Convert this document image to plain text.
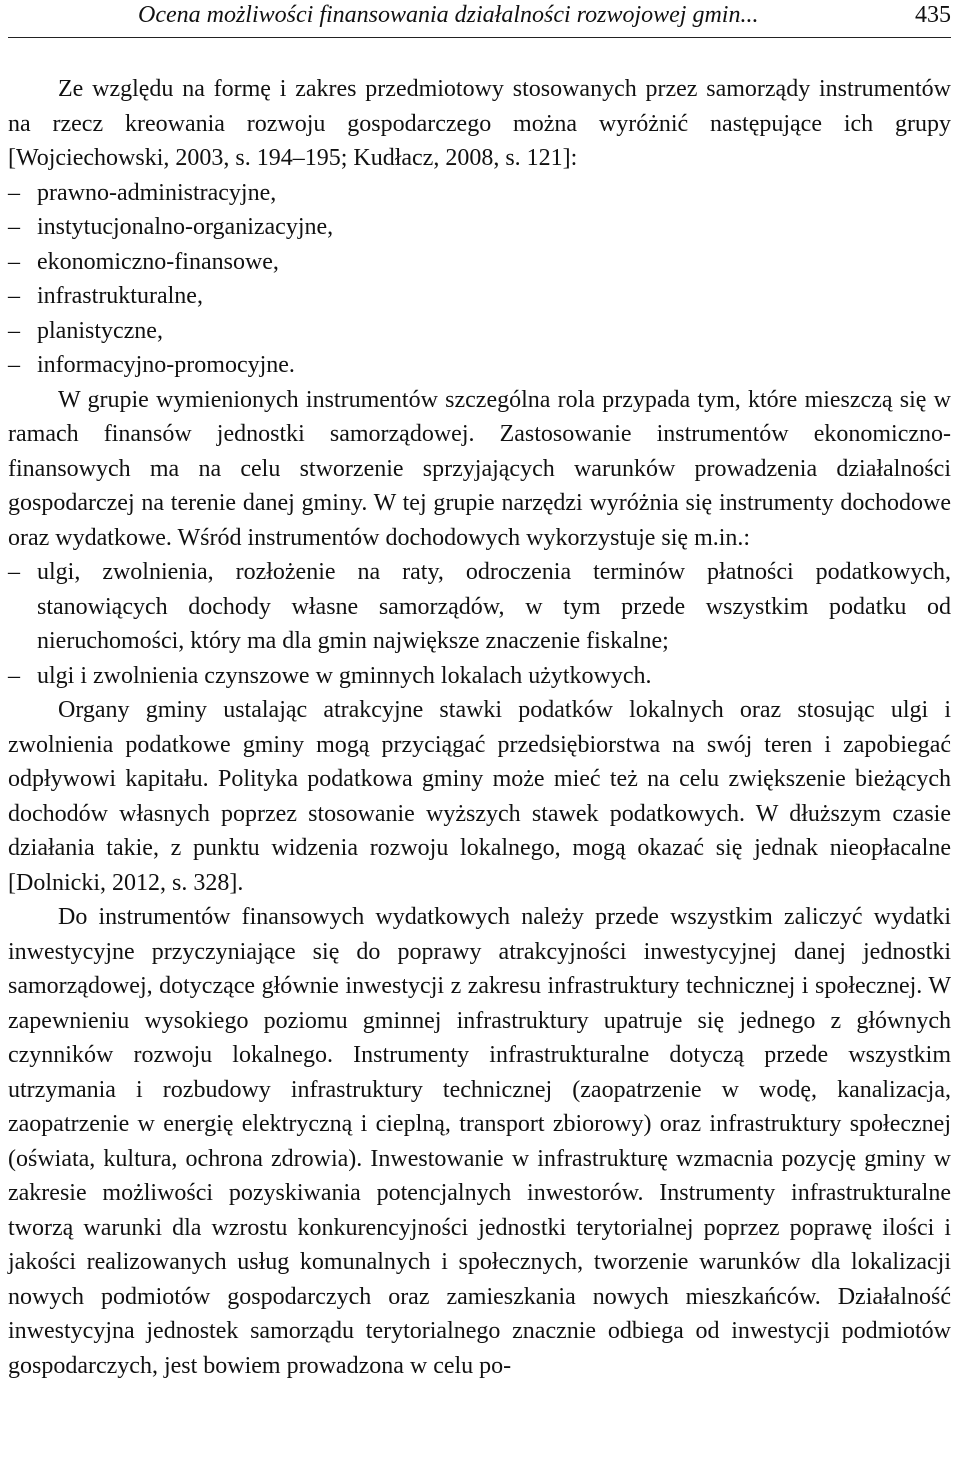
Ocena możliwości finansowania działalności rozwojowej gmin...	435

Ze względu na formę i zakres przedmiotowy stosowanych przez samorządy instrumentów na rzecz kreowania rozwoju gospodarczego można wyróżnić następujące ich grupy [Wojciechowski, 2003, s. 194–195; Kudłacz, 2008, s. 121]:

– prawno-administracyjne,
– instytucjonalno-organizacyjne,
– ekonomiczno-finansowe,
– infrastrukturalne,
– planistyczne,
– informacyjno-promocyjne.

W grupie wymienionych instrumentów szczególna rola przypada tym, które mieszczą się w ramach finansów jednostki samorządowej. Zastosowanie instrumentów ekonomiczno-finansowych ma na celu stworzenie sprzyjających warunków prowadzenia działalności gospodarczej na terenie danej gminy. W tej grupie narzędzi wyróżnia się instrumenty dochodowe oraz wydatkowe. Wśród instrumentów dochodowych wykorzystuje się m.in.:

– ulgi, zwolnienia, rozłożenie na raty, odroczenia terminów płatności podatkowych, stanowiących dochody własne samorządów, w tym przede wszystkim podatku od nieruchomości, który ma dla gmin największe znaczenie fiskalne;
– ulgi i zwolnienia czynszowe w gminnych lokalach użytkowych.

Organy gminy ustalając atrakcyjne stawki podatków lokalnych oraz stosując ulgi i zwolnienia podatkowe gminy mogą przyciągać przedsiębiorstwa na swój teren i zapobiegać odpływowi kapitału. Polityka podatkowa gminy może mieć też na celu zwiększenie bieżących dochodów własnych poprzez stosowanie wyższych stawek podatkowych. W dłuższym czasie działania takie, z punktu widzenia rozwoju lokalnego, mogą okazać się jednak nieopłacalne [Dolnicki, 2012, s. 328].

Do instrumentów finansowych wydatkowych należy przede wszystkim zaliczyć wydatki inwestycyjne przyczyniające się do poprawy atrakcyjności inwestycyjnej danej jednostki samorządowej, dotyczące głównie inwestycji z zakresu infrastruktury technicznej i społecznej. W zapewnieniu wysokiego poziomu gminnej infrastruktury upatruje się jednego z głównych czynników rozwoju lokalnego. Instrumenty infrastrukturalne dotyczą przede wszystkim utrzymania i rozbudowy infrastruktury technicznej (zaopatrzenie w wodę, kanalizacja, zaopatrzenie w energię elektryczną i cieplną, transport zbiorowy) oraz infrastruktury społecznej (oświata, kultura, ochrona zdrowia). Inwestowanie w infrastrukturę wzmacnia pozycję gminy w zakresie możliwości pozyskiwania potencjalnych inwestorów. Instrumenty infrastrukturalne tworzą warunki dla wzrostu konkurencyjności jednostki terytorialnej poprzez poprawę ilości i jakości realizowanych usług komunalnych i społecznych, tworzenie warunków dla lokalizacji nowych podmiotów gospodarczych oraz zamieszkania nowych mieszkańców. Działalność inwestycyjna jednostek samorządu terytorialnego znacznie odbiega od inwestycji podmiotów gospodarczych, jest bowiem prowadzona w celu po-
